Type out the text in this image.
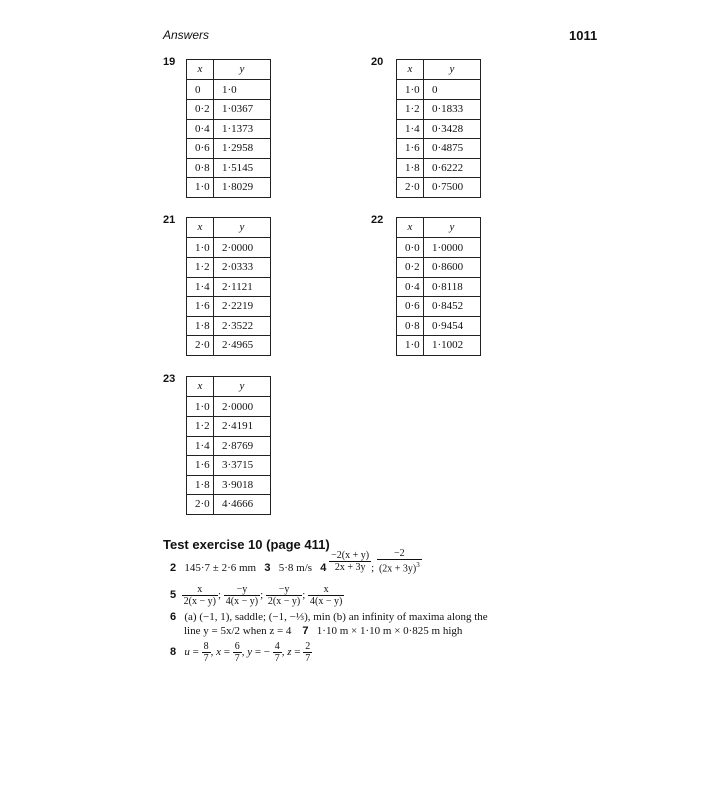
Answers	1011
19
x	y
0	1·0
0·2	1·0367
0·4	1·1373
0·6	1·2958
0·8	1·5145
1·0	1·8029
20
x	y
1·0	0
1·2	0·1833
1·4	0·3428
1·6	0·4875
1·8	0·6222
2·0	0·7500
21
x	y
1·0	2·0000
1·2	2·0333
1·4	2·1121
1·6	2·2219
1·8	2·3522
2·0	2·4965
22
x	y
0·0	1·0000
0·2	0·8600
0·4	0·8118
0·6	0·8452
0·8	0·9454
1·0	1·1002
23
x	y
1·0	2·0000
1·2	2·4191
1·4	2·8769
1·6	3·3715
1·8	3·9018
2·0	4·4666
Test exercise 10 (page 411)
2 145·7 ± 2·6 mm 3 5·8 m/s $4 \frac{-2(x + y)}{2x + 3y}$ ; $\frac{-2}{(2x + 3y)^3}$
$5 \frac{x}{2(x - y)}$ ; $\frac{-y}{4(x - y)}$ ; $\frac{-y}{2(x - y)}$ ; $\frac{x}{4(x - y)}$
6 (a) (−1, 1), saddle; (−1, −⅓), min (b) an infinity of maxima along the
line y = 5x/2 when z = 4 7 1·10 m × 1·10 m × 0·825 m high
8 $u = \frac{8}{7}$ , $x = \frac{6}{7}$ , y = − $\frac{4}{7}$ , $z = \frac{2}{7}$
